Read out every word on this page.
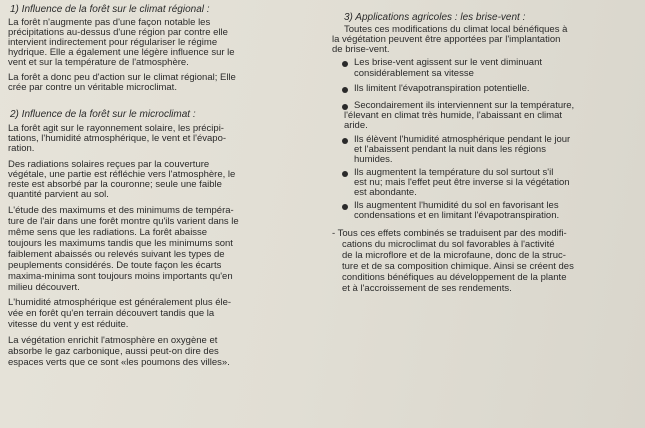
1) Influence de la forêt sur le climat régional :
La forêt n'augmente pas d'une façon notable les
précipitations au-dessus d'une région par contre elle
intervient indirectement pour régulariser le régime
hydrique. Elle a également une légère influence sur le
vent et sur la température de l'atmosphère.
La forêt a donc peu d'action sur le climat régional; Elle
crée par contre un véritable microclimat.
2) Influence de la forêt sur le microclimat :
La forêt agit sur le rayonnement solaire, les précipi-
tations, l'humidité atmosphérique, le vent et l'évapo-
ration.
Des radiations solaires reçues par la couverture
végétale, une partie est réfléchie vers l'atmosphère, le
reste est absorbé par la couronne; seule une faible
quantité parvient au sol.
L'étude des maximums et des minimums de tempéra-
ture de l'air dans une forêt montre qu'ils varient dans le
même sens que les radiations. La forêt abaisse
toujours les maximums tandis que les minimums sont
faiblement abaissés ou relevés suivant les types de
peuplements considérés. De toute façon les écarts
maxima-minima sont toujours moins importants qu'en
milieu découvert.
L'humidité atmosphérique est généralement plus éle-
vée en forêt qu'en terrain découvert tandis que la
vitesse du vent y est réduite.
La végétation enrichit l'atmosphère en oxygène et
absorbe le gaz carbonique, aussi peut-on dire des
espaces verts que ce sont «les poumons des villes».
3) Applications agricoles : les brise-vent :
Toutes ces modifications du climat local bénéfiques à
la végétation peuvent être apportées par l'implantation
de brise-vent.
Les brise-vent agissent sur le vent diminuant
considérablement sa vitesse
Ils limitent l'évapotranspiration potentielle.
Secondairement ils interviennent sur la température,
l'élevant en climat très humide, l'abaissant en climat
aride.
Ils élèvent l'humidité atmosphérique pendant le jour
et l'abaissent pendant la nuit dans les régions
humides.
Ils augmentent la température du sol surtout s'il
est nu; mais l'effet peut être inverse si la végétation
est abondante.
Ils augmentent l'humidité du sol en favorisant les
condensations et en limitant l'évapotranspiration.
- Tous ces effets combinés se traduisent par des modifi-
cations du microclimat du sol favorables à l'activité
de la microflore et de la microfaune, donc de la struc-
ture et de sa composition chimique. Ainsi se créent des
conditions bénéfiques au développement de la plante
et à l'accroissement de ses rendements.
